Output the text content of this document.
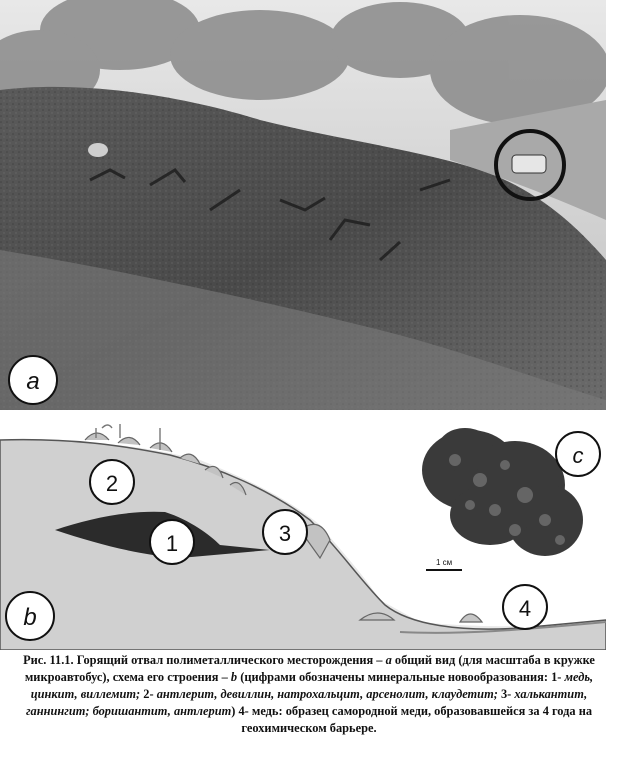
a
2
1	3
4
b
c
1 см
Рис. 11.1. Горящий отвал полиметаллического месторождения – a общий вид (для масштаба в кружке микроавтобус), схема его строения – b (цифрами обозначены минеральные новообразования: 1- медь, цинкит, виллемит; 2- антлерит, девиллин, натрохальцит, арсенолит, клаудетит; 3- халькантит, ганнингит; боришантит, антлерит) 4- медь: образец самородной меди, образовавшейся за 4 года на геохимическом барьере.
